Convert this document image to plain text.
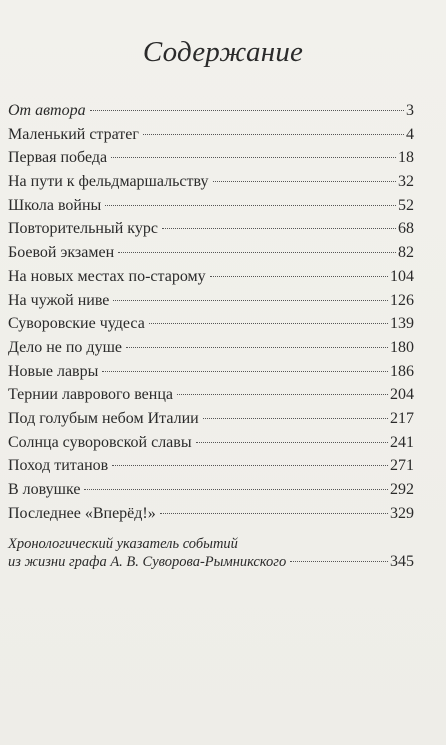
Содержание
От автора	3
Маленький стратег	4
Первая победа	18
На пути к фельдмаршальству	32
Школа войны	52
Повторительный курс	68
Боевой экзамен	82
На новых местах по-старому	104
На чужой ниве	126
Суворовские чудеса	139
Дело не по душе	180
Новые лавры	186
Тернии лаврового венца	204
Под голубым небом Италии	217
Солнца суворовской славы	241
Поход титанов	271
В ловушке	292
Последнее «Вперёд!»	329
Хронологический указатель событий
из жизни графа А. В. Суворова-Рымникского	345
